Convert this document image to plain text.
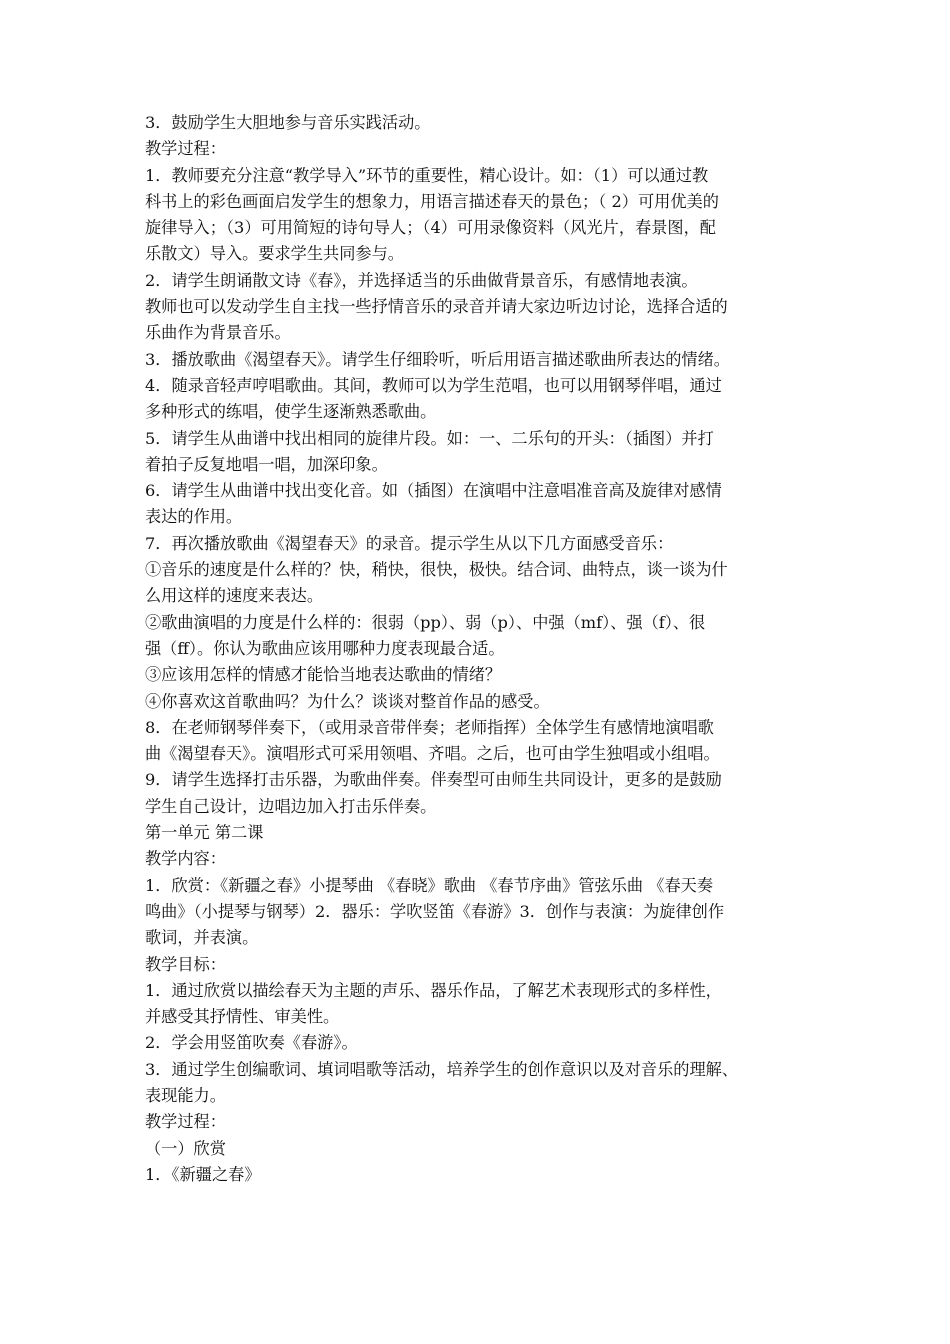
3．鼓励学生大胆地参与音乐实践活动。
教学过程：
1．教师要充分注意“教学导入”环节的重要性，精心设计。如：（1）可以通过教
科书上的彩色画面启发学生的想象力，用语言描述春天的景色；（ 2）可用优美的
旋律导入；（3）可用简短的诗句导人；（4）可用录像资料（风光片，春景图，配
乐散文）导入。要求学生共同参与。
2．请学生朗诵散文诗《春》，并选择适当的乐曲做背景音乐，有感情地表演。
教师也可以发动学生自主找一些抒情音乐的录音并请大家边听边讨论，选择合适的
乐曲作为背景音乐。
3．播放歌曲《渴望春天》。请学生仔细聆听，听后用语言描述歌曲所表达的情绪。
4．随录音轻声哼唱歌曲。其间，教师可以为学生范唱，也可以用钢琴伴唱，通过
多种形式的练唱，使学生逐渐熟悉歌曲。
5．请学生从曲谱中找出相同的旋律片段。如：一、二乐句的开头：（插图）并打
着拍子反复地唱一唱，加深印象。
6．请学生从曲谱中找出变化音。如（插图）在演唱中注意唱准音高及旋律对感情
表达的作用。
7．再次播放歌曲《渴望春天》的录音。提示学生从以下几方面感受音乐：
①音乐的速度是什么样的？快，稍快，很快，极快。结合词、曲特点，谈一谈为什
么用这样的速度来表达。
②歌曲演唱的力度是什么样的：很弱（pp）、弱（p）、中强（mf）、强（f）、很
强（ff）。你认为歌曲应该用哪种力度表现最合适。
③应该用怎样的情感才能恰当地表达歌曲的情绪？
④你喜欢这首歌曲吗？为什么？谈谈对整首作品的感受。
8．在老师钢琴伴奏下，（或用录音带伴奏；老师指挥）全体学生有感情地演唱歌
曲《渴望春天》。演唱形式可采用领唱、齐唱。之后，也可由学生独唱或小组唱。
9．请学生选择打击乐器，为歌曲伴奏。伴奏型可由师生共同设计，更多的是鼓励
学生自己设计，边唱边加入打击乐伴奏。
第一单元 第二课
教学内容：
1．欣赏：《新疆之春》小提琴曲 《春晓》歌曲 《春节序曲》管弦乐曲 《春天奏
鸣曲》（小提琴与钢琴）2．器乐：学吹竖笛《春游》3．创作与表演：为旋律创作
歌词，并表演。
教学目标：
1．通过欣赏以描绘春天为主题的声乐、器乐作品，了解艺术表现形式的多样性，
并感受其抒情性、审美性。
2．学会用竖笛吹奏《春游》。
3．通过学生创编歌词、填词唱歌等活动，培养学生的创作意识以及对音乐的理解、
表现能力。
教学过程：
（一）欣赏
1．《新疆之春》
